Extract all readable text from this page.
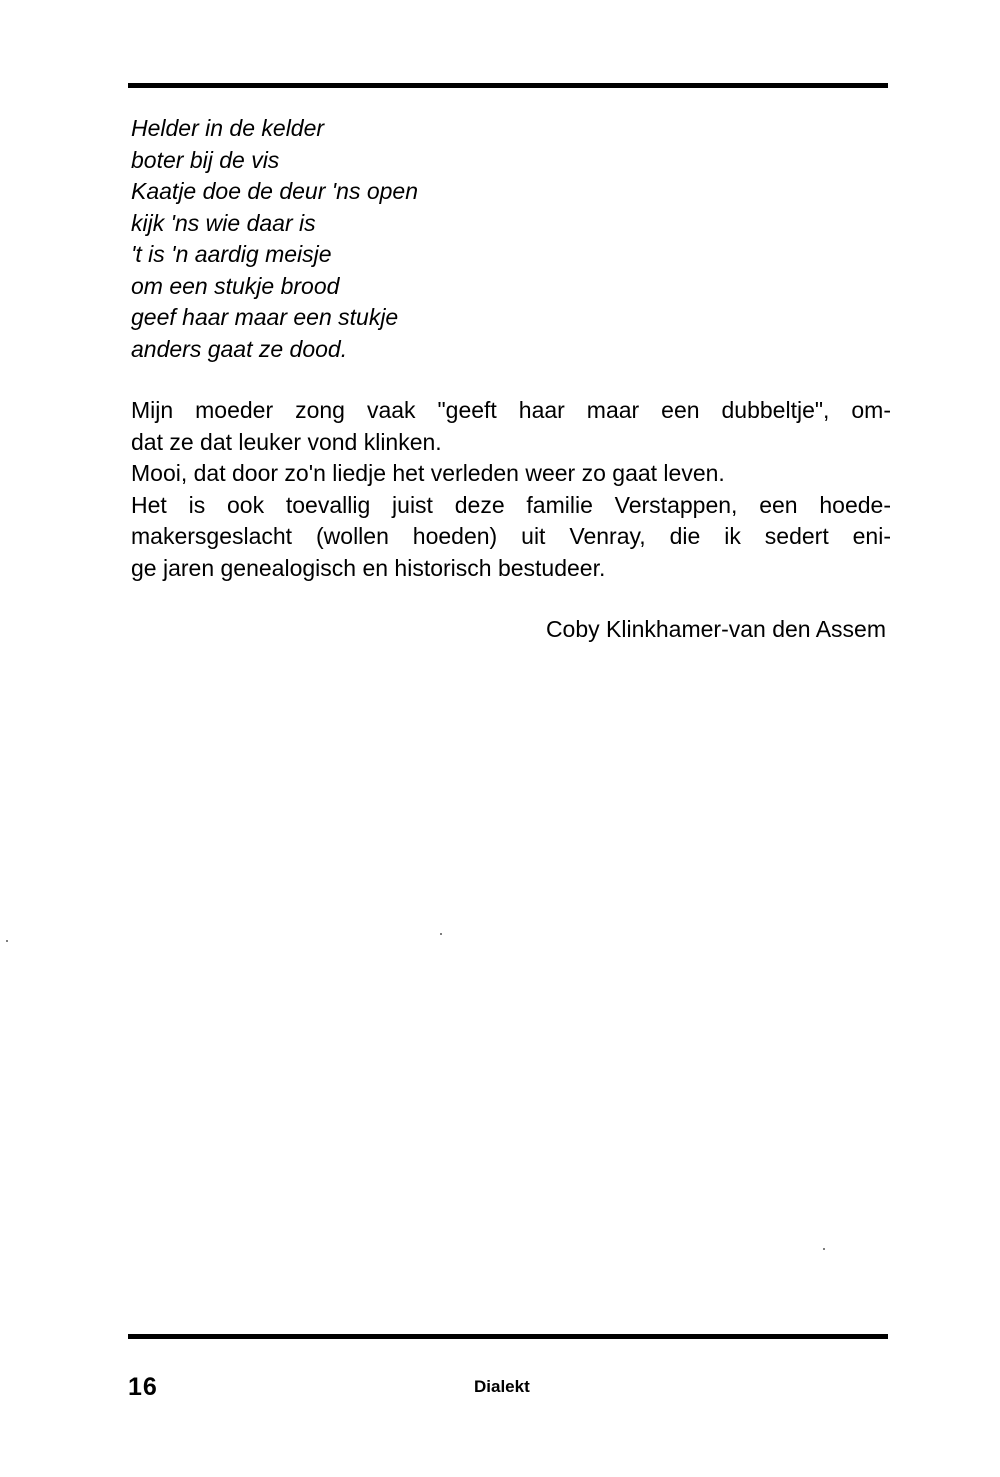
Helder in de kelder
boter bij de vis
Kaatje doe de deur 'ns open
kijk 'ns wie daar is
't is 'n aardig meisje
om een stukje brood
geef haar maar een stukje
anders gaat ze dood.
Mijn moeder zong vaak "geeft haar maar een dubbeltje", om-
dat ze dat leuker vond klinken.
Mooi, dat door zo'n liedje het verleden weer zo gaat leven.
Het is ook toevallig juist deze familie Verstappen, een hoede-
makersgeslacht (wollen hoeden) uit Venray, die ik sedert eni-
ge jaren genealogisch en historisch bestudeer.
Coby Klinkhamer-van den Assem
16	Dialekt
